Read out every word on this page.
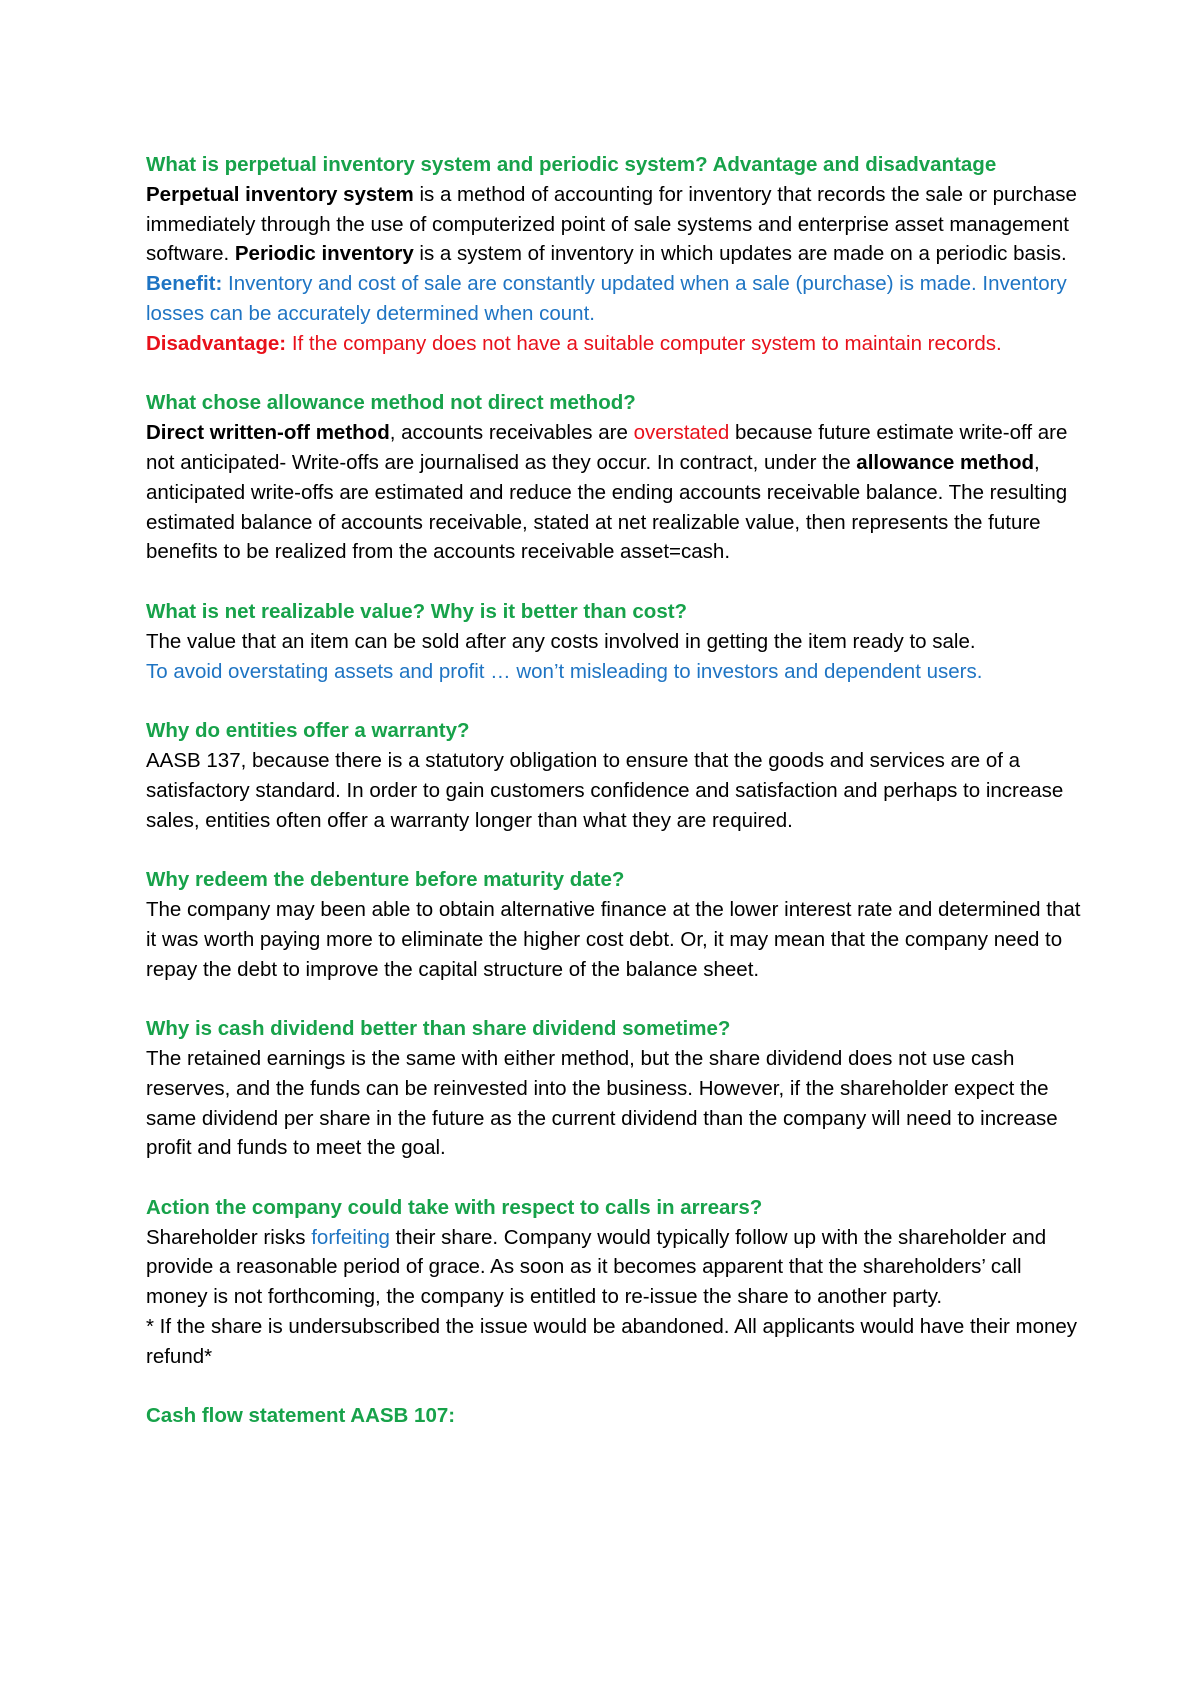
What is perpetual inventory system and periodic system? Advantage and disadvantage

Perpetual inventory system is a method of accounting for inventory that records the sale or purchase immediately through the use of computerized point of sale systems and enterprise asset management software. Periodic inventory is a system of inventory in which updates are made on a periodic basis. Benefit: Inventory and cost of sale are constantly updated when a sale (purchase) is made. Inventory losses can be accurately determined when count.
Disadvantage: If the company does not have a suitable computer system to maintain records.

What chose allowance method not direct method?

Direct written-off method, accounts receivables are overstated because future estimate write-off are not anticipated- Write-offs are journalised as they occur. In contract, under the allowance method, anticipated write-offs are estimated and reduce the ending accounts receivable balance. The resulting estimated balance of accounts receivable, stated at net realizable value, then represents the future benefits to be realized from the accounts receivable asset=cash.

What is net realizable value? Why is it better than cost?

The value that an item can be sold after any costs involved in getting the item ready to sale.

To avoid overstating assets and profit … won’t misleading to investors and dependent users.

Why do entities offer a warranty?

AASB 137, because there is a statutory obligation to ensure that the goods and services are of a satisfactory standard. In order to gain customers confidence and satisfaction and perhaps to increase sales, entities often offer a warranty longer than what they are required.

Why redeem the debenture before maturity date?

The company may been able to obtain alternative finance at the lower interest rate and determined that it was worth paying more to eliminate the higher cost debt. Or, it may mean that the company need to repay the debt to improve the capital structure of the balance sheet.

Why is cash dividend better than share dividend sometime?

The retained earnings is the same with either method, but the share dividend does not use cash reserves, and the funds can be reinvested into the business. However, if the shareholder expect the same dividend per share in the future as the current dividend than the company will need to increase profit and funds to meet the goal.

Action the company could take with respect to calls in arrears?

Shareholder risks forfeiting their share. Company would typically follow up with the shareholder and provide a reasonable period of grace. As soon as it becomes apparent that the shareholders’ call money is not forthcoming, the company is entitled to re-issue the share to another party.

* If the share is undersubscribed the issue would be abandoned. All applicants would have their money refund*

Cash flow statement AASB 107:
